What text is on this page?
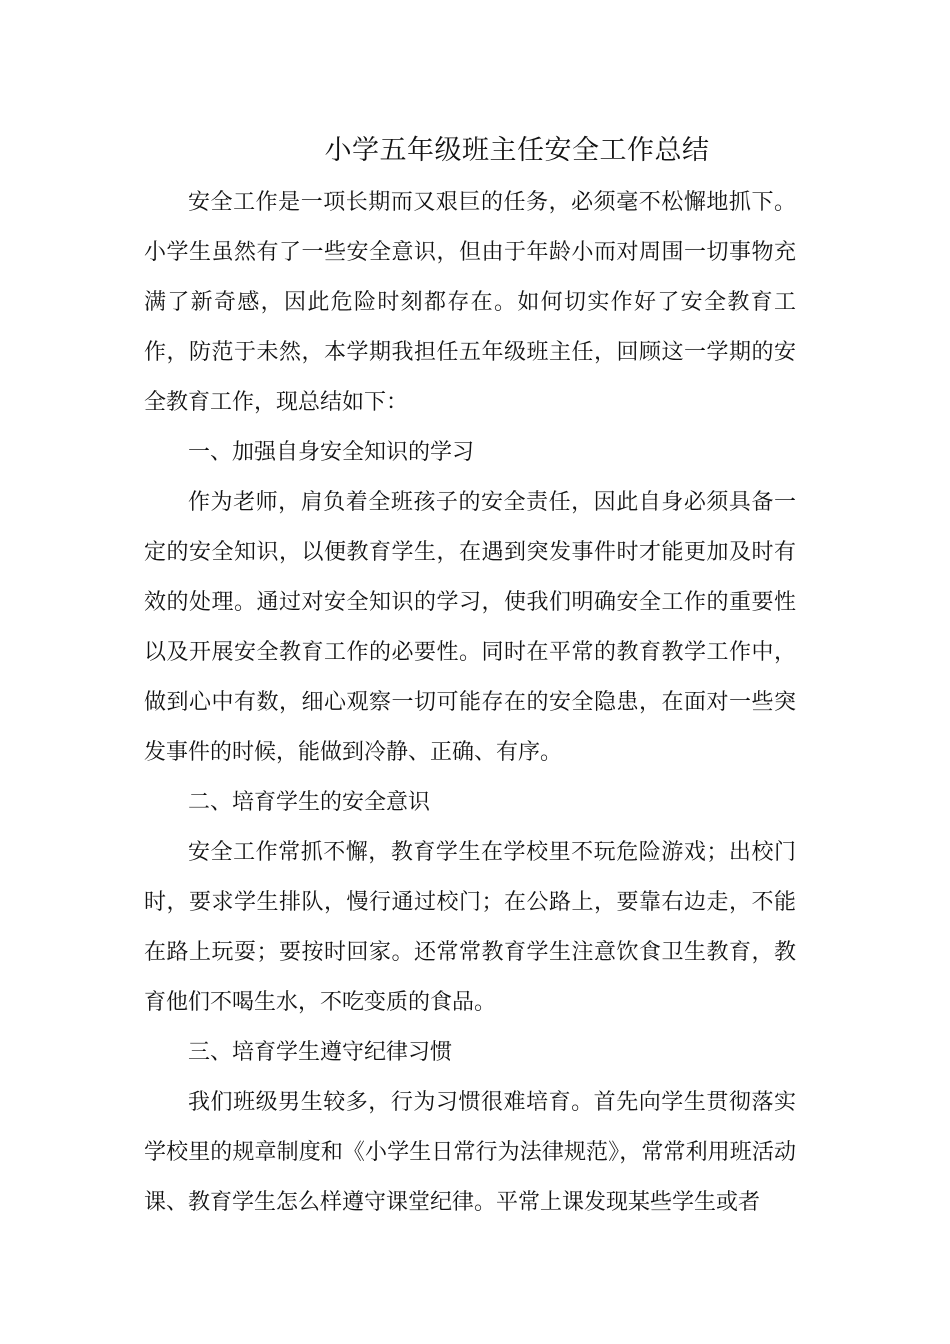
小学五年级班主任安全工作总结

安全工作是一项长期而又艰巨的任务，必须毫不松懈地抓下。小学生虽然有了一些安全意识，但由于年龄小而对周围一切事物充满了新奇感，因此危险时刻都存在。如何切实作好了安全教育工作，防范于未然，本学期我担任五年级班主任，回顾这一学期的安全教育工作，现总结如下：

一、加强自身安全知识的学习

作为老师，肩负着全班孩子的安全责任，因此自身必须具备一定的安全知识，以便教育学生，在遇到突发事件时才能更加及时有效的处理。通过对安全知识的学习，使我们明确安全工作的重要性以及开展安全教育工作的必要性。同时在平常的教育教学工作中，做到心中有数，细心观察一切可能存在的安全隐患，在面对一些突发事件的时候，能做到冷静、正确、有序。

二、培育学生的安全意识

安全工作常抓不懈，教育学生在学校里不玩危险游戏；出校门时，要求学生排队，慢行通过校门；在公路上，要靠右边走，不能在路上玩耍；要按时回家。还常常教育学生注意饮食卫生教育，教育他们不喝生水，不吃变质的食品。

三、培育学生遵守纪律习惯

我们班级男生较多，行为习惯很难培育。首先向学生贯彻落实学校里的规章制度和《小学生日常行为法律规范》，常常利用班活动课、教育学生怎么样遵守课堂纪律。平常上课发现某些学生或者
